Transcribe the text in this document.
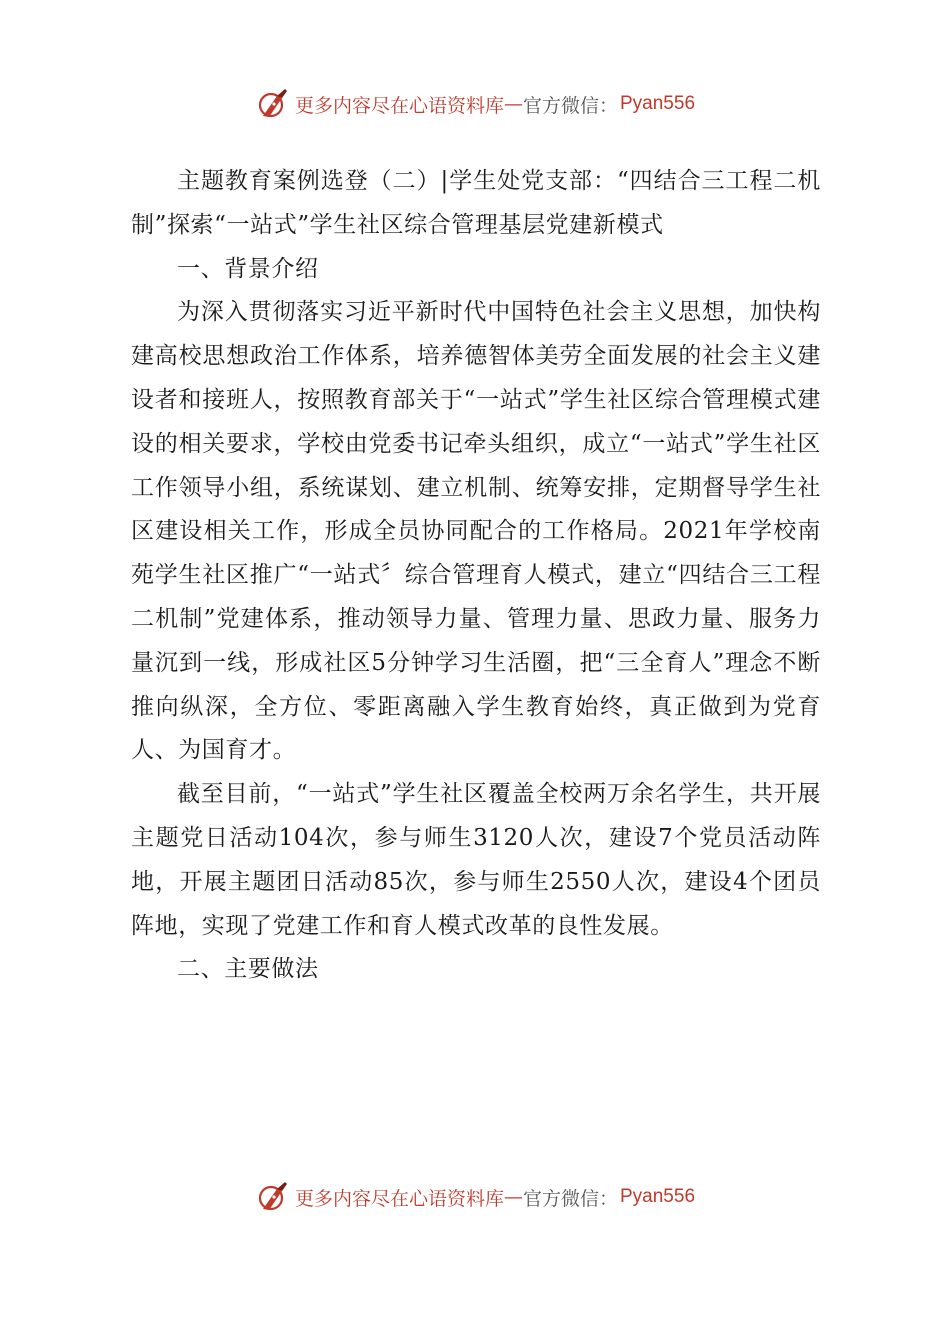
更多内容尽在心语资料库 — 官方微信： Pyan556

主题教育案例选登（二）|学生处党支部：“四结合三工程二机制”探索“一站式”学生社区综合管理基层党建新模式

一、背景介绍

为深入贯彻落实习近平新时代中国特色社会主义思想，加快构建高校思想政治工作体系，培养德智体美劳全面发展的社会主义建设者和接班人，按照教育部关于“一站式”学生社区综合管理模式建设的相关要求，学校由党委书记牵头组织，成立“一站式”学生社区工作领导小组，系统谋划、建立机制、统筹安排，定期督导学生社区建设相关工作，形成全员协同配合的工作格局。2021年学校南苑学生社区推广“一站式〞综合管理育人模式，建立“四结合三工程二机制”党建体系，推动领导力量、管理力量、思政力量、服务力量沉到一线，形成社区5分钟学习生活圈，把“三全育人”理念不断推向纵深，全方位、零距离融入学生教育始终，真正做到为党育人、为国育才。

截至目前，“一站式”学生社区覆盖全校两万余名学生，共开展主题党日活动104次，参与师生3120人次，建设7个党员活动阵地，开展主题团日活动85次，参与师生2550人次，建设4个团员阵地，实现了党建工作和育人模式改革的良性发展。

二、主要做法

更多内容尽在心语资料库 — 官方微信： Pyan556
